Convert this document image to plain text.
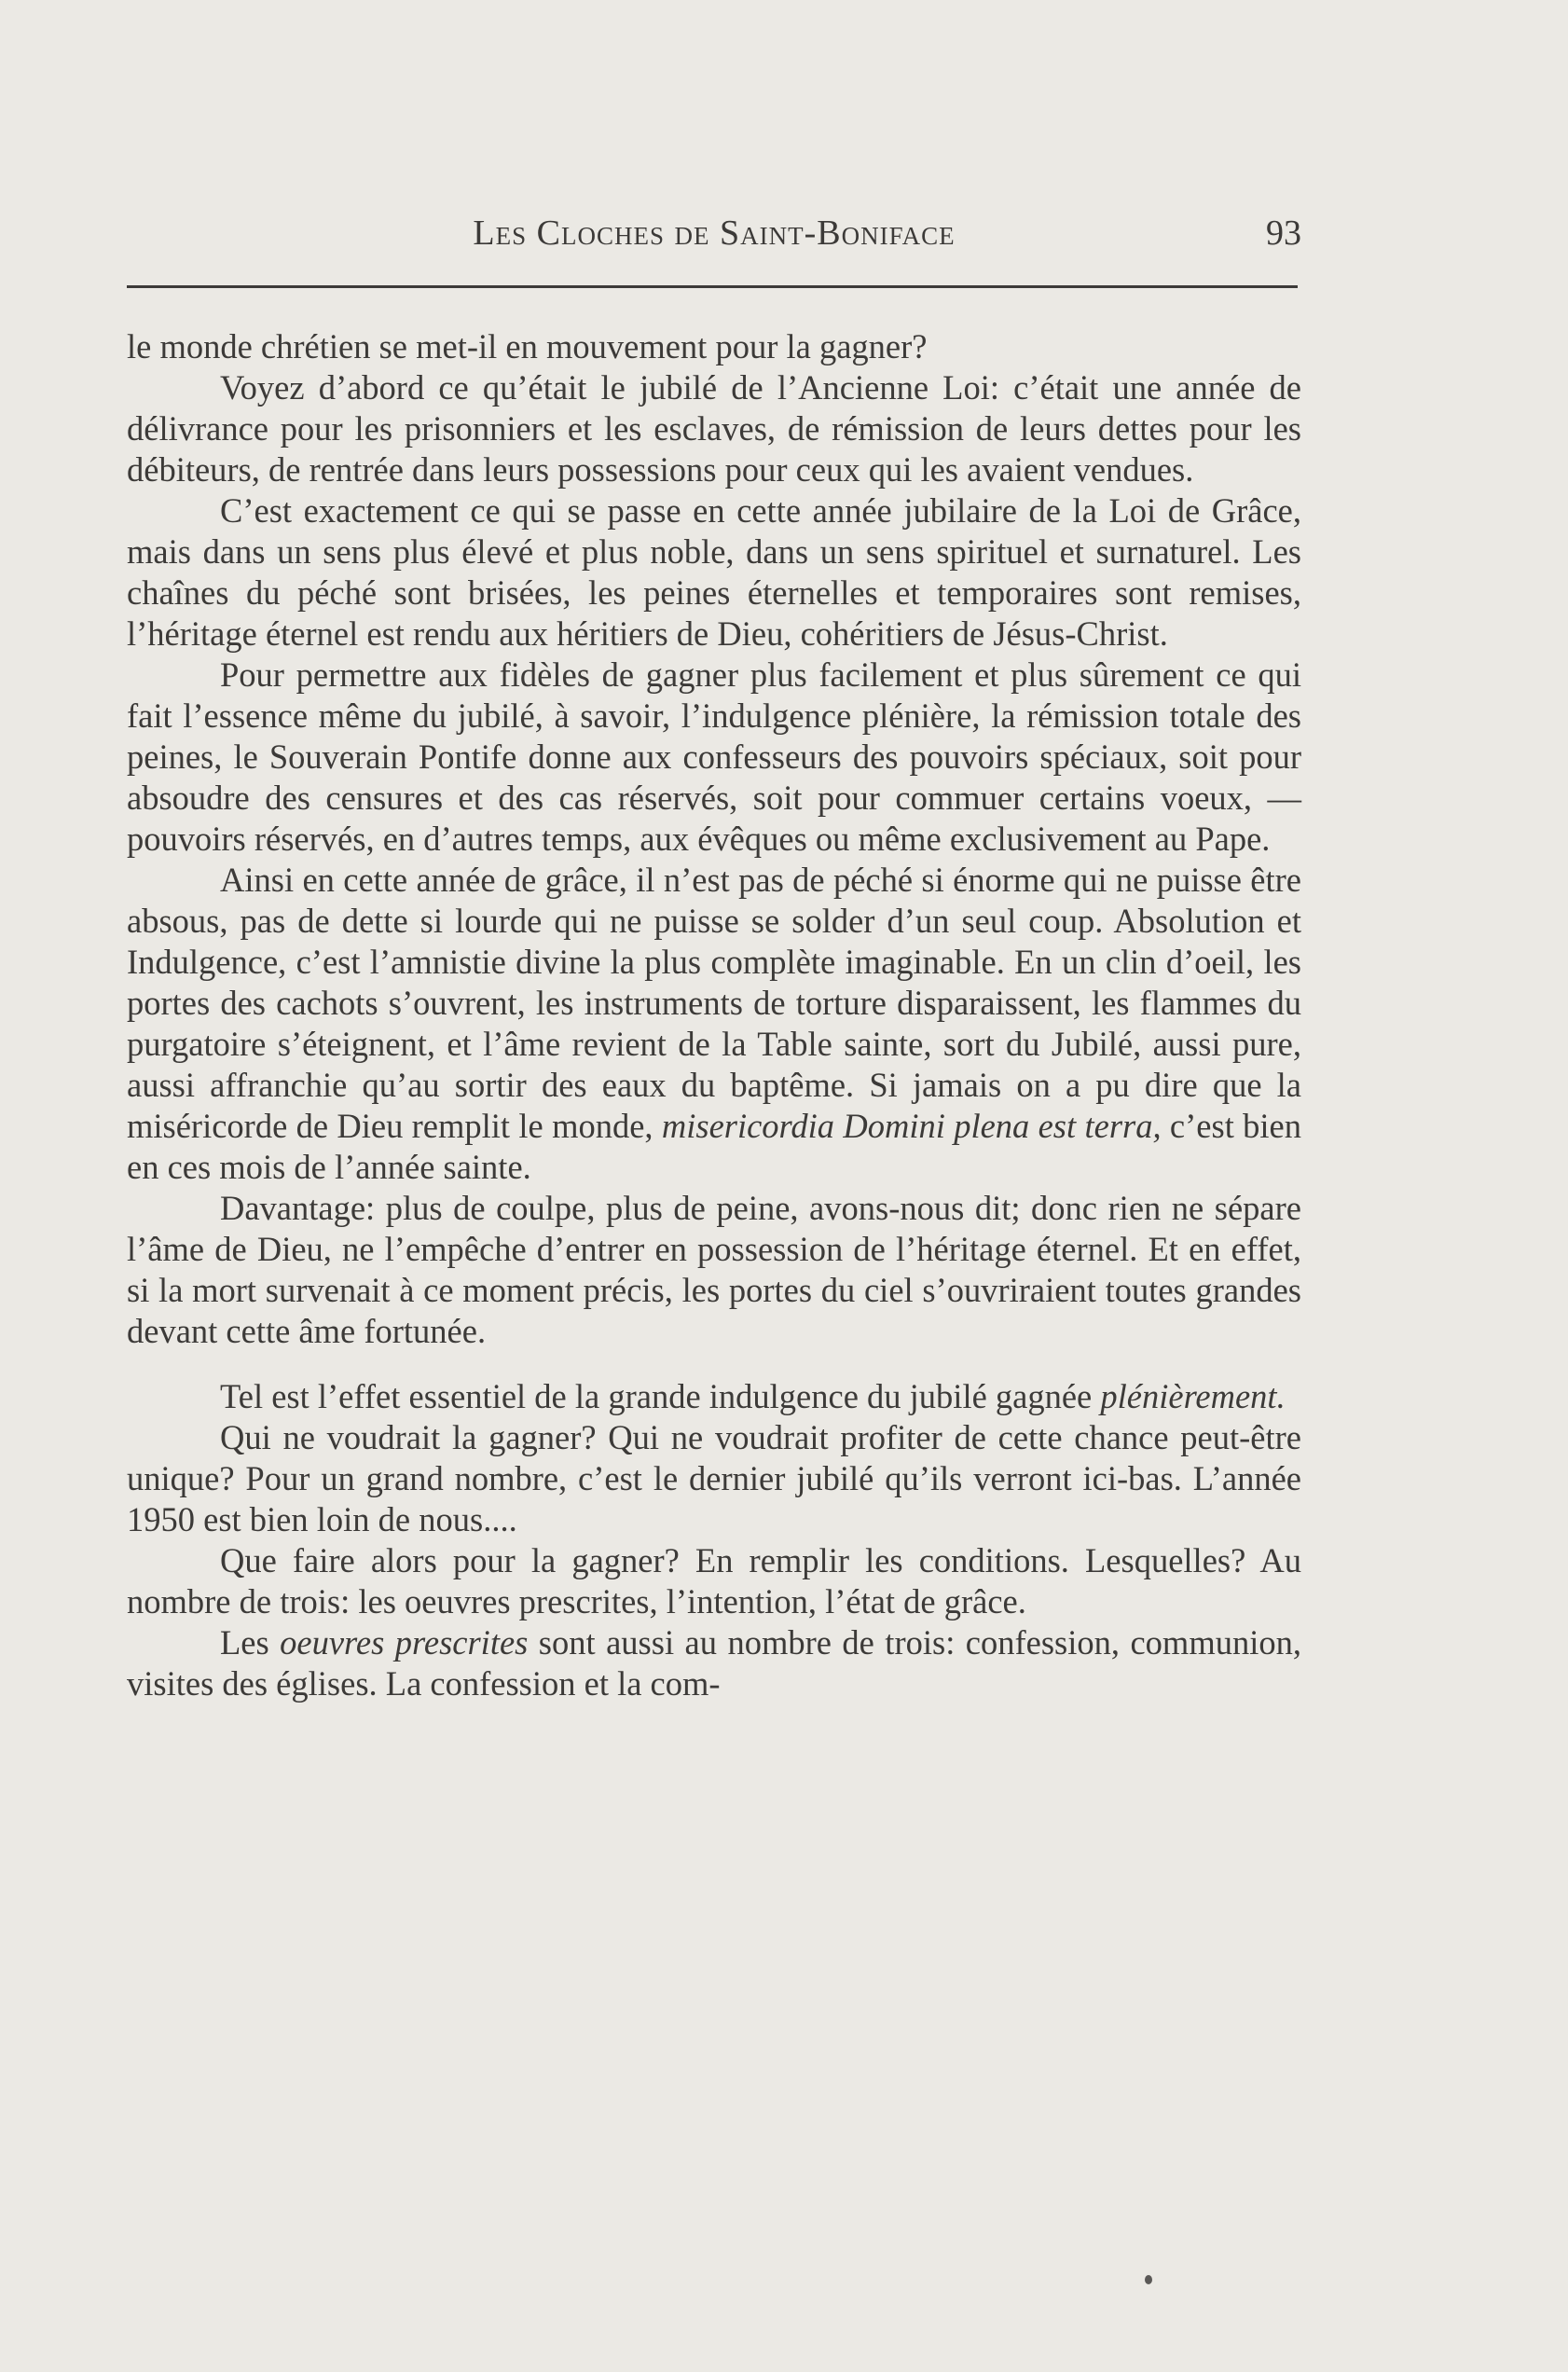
Les Cloches de Saint-Boniface	93

le monde chrétien se met-il en mouvement pour la gagner?

Voyez d’abord ce qu’était le jubilé de l’Ancienne Loi: c’était une année de délivrance pour les prisonniers et les esclaves, de rémission de leurs dettes pour les débiteurs, de rentrée dans leurs possessions pour ceux qui les avaient vendues.

C’est exactement ce qui se passe en cette année jubilaire de la Loi de Grâce, mais dans un sens plus élevé et plus noble, dans un sens spirituel et surnaturel. Les chaînes du péché sont brisées, les peines éternelles et temporaires sont remises, l’héritage éternel est rendu aux héritiers de Dieu, cohéritiers de Jésus-Christ.

Pour permettre aux fidèles de gagner plus facilement et plus sûrement ce qui fait l’essence même du jubilé, à savoir, l’indulgence plénière, la rémission totale des peines, le Souverain Pontife donne aux confesseurs des pouvoirs spéciaux, soit pour absoudre des censures et des cas réservés, soit pour commuer certains voeux, — pouvoirs réservés, en d’autres temps, aux évêques ou même exclusivement au Pape.

Ainsi en cette année de grâce, il n’est pas de péché si énorme qui ne puisse être absous, pas de dette si lourde qui ne puisse se solder d’un seul coup. Absolution et Indulgence, c’est l’amnistie divine la plus complète imaginable. En un clin d’oeil, les portes des cachots s’ouvrent, les instruments de torture disparaissent, les flammes du purgatoire s’éteignent, et l’âme revient de la Table sainte, sort du Jubilé, aussi pure, aussi affranchie qu’au sortir des eaux du baptême. Si jamais on a pu dire que la miséricorde de Dieu remplit le monde, misericordia Domini plena est terra, c’est bien en ces mois de l’année sainte.

Davantage: plus de coulpe, plus de peine, avons-nous dit; donc rien ne sépare l’âme de Dieu, ne l’empêche d’entrer en possession de l’héritage éternel. Et en effet, si la mort survenait à ce moment précis, les portes du ciel s’ouvriraient toutes grandes devant cette âme fortunée.

Tel est l’effet essentiel de la grande indulgence du jubilé gagnée plénièrement.

Qui ne voudrait la gagner? Qui ne voudrait profiter de cette chance peut-être unique? Pour un grand nombre, c’est le dernier jubilé qu’ils verront ici-bas. L’année 1950 est bien loin de nous....

Que faire alors pour la gagner? En remplir les conditions. Lesquelles? Au nombre de trois: les oeuvres prescrites, l’intention, l’état de grâce.

Les oeuvres prescrites sont aussi au nombre de trois: confession, communion, visites des églises. La confession et la com-
